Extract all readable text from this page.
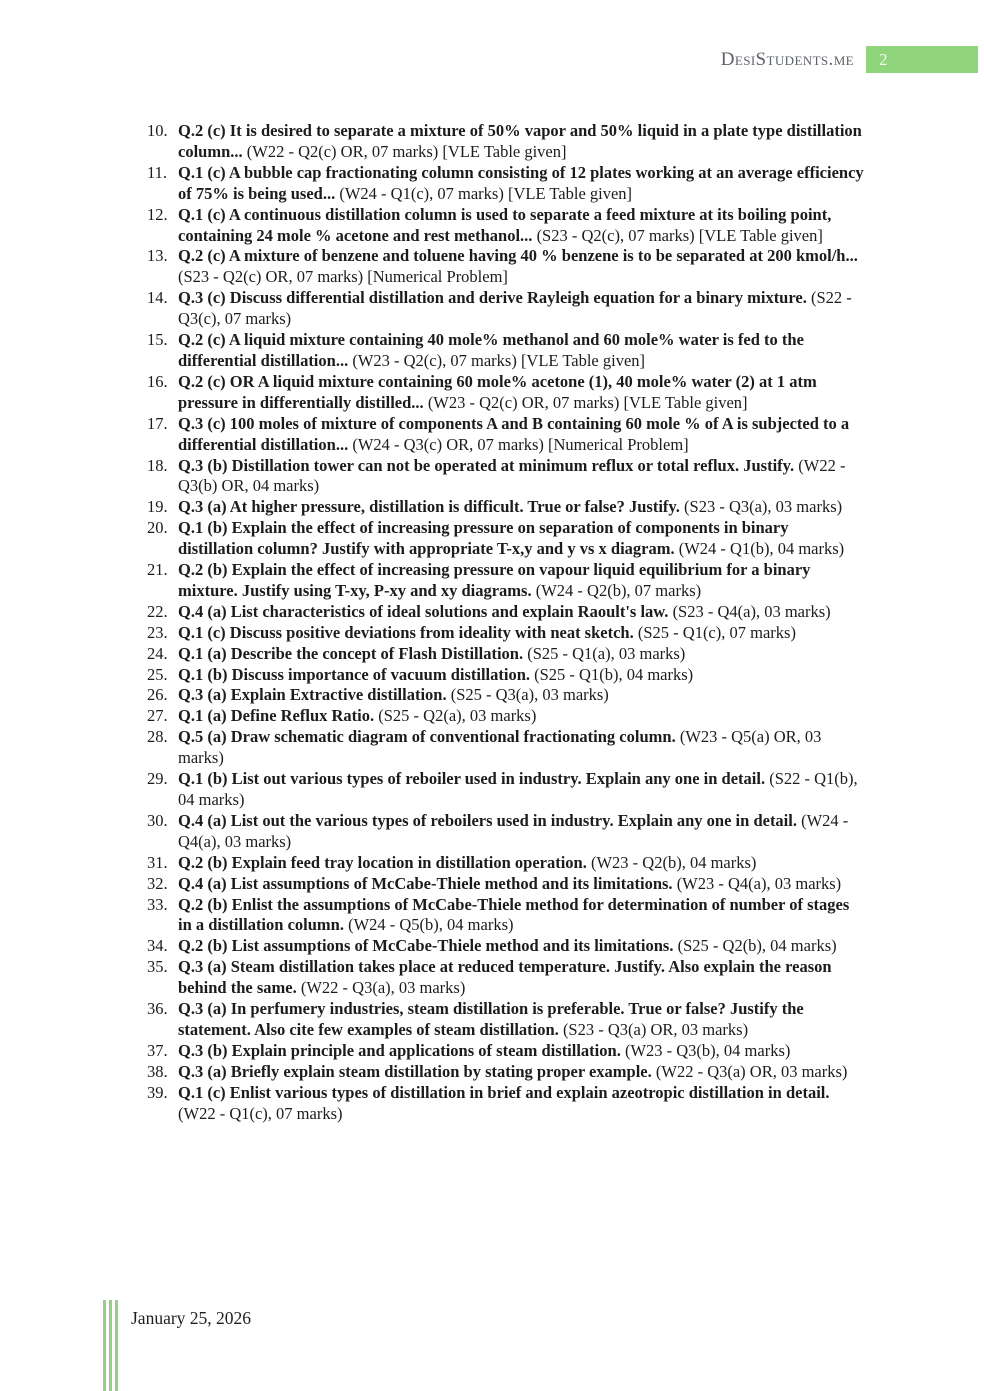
DesiStudents.me	2
10. Q.2 (c) It is desired to separate a mixture of 50% vapor and 50% liquid in a plate type distillation column... (W22 - Q2(c) OR, 07 marks) [VLE Table given]
11. Q.1 (c) A bubble cap fractionating column consisting of 12 plates working at an average efficiency of 75% is being used... (W24 - Q1(c), 07 marks) [VLE Table given]
12. Q.1 (c) A continuous distillation column is used to separate a feed mixture at its boiling point, containing 24 mole % acetone and rest methanol... (S23 - Q2(c), 07 marks) [VLE Table given]
13. Q.2 (c) A mixture of benzene and toluene having 40 % benzene is to be separated at 200 kmol/h... (S23 - Q2(c) OR, 07 marks) [Numerical Problem]
14. Q.3 (c) Discuss differential distillation and derive Rayleigh equation for a binary mixture. (S22 - Q3(c), 07 marks)
15. Q.2 (c) A liquid mixture containing 40 mole% methanol and 60 mole% water is fed to the differential distillation... (W23 - Q2(c), 07 marks) [VLE Table given]
16. Q.2 (c) OR A liquid mixture containing 60 mole% acetone (1), 40 mole% water (2) at 1 atm pressure in differentially distilled... (W23 - Q2(c) OR, 07 marks) [VLE Table given]
17. Q.3 (c) 100 moles of mixture of components A and B containing 60 mole % of A is subjected to a differential distillation... (W24 - Q3(c) OR, 07 marks) [Numerical Problem]
18. Q.3 (b) Distillation tower can not be operated at minimum reflux or total reflux. Justify. (W22 - Q3(b) OR, 04 marks)
19. Q.3 (a) At higher pressure, distillation is difficult. True or false? Justify. (S23 - Q3(a), 03 marks)
20. Q.1 (b) Explain the effect of increasing pressure on separation of components in binary distillation column? Justify with appropriate T-x,y and y vs x diagram. (W24 - Q1(b), 04 marks)
21. Q.2 (b) Explain the effect of increasing pressure on vapour liquid equilibrium for a binary mixture. Justify using T-xy, P-xy and xy diagrams. (W24 - Q2(b), 07 marks)
22. Q.4 (a) List characteristics of ideal solutions and explain Raoult's law. (S23 - Q4(a), 03 marks)
23. Q.1 (c) Discuss positive deviations from ideality with neat sketch. (S25 - Q1(c), 07 marks)
24. Q.1 (a) Describe the concept of Flash Distillation. (S25 - Q1(a), 03 marks)
25. Q.1 (b) Discuss importance of vacuum distillation. (S25 - Q1(b), 04 marks)
26. Q.3 (a) Explain Extractive distillation. (S25 - Q3(a), 03 marks)
27. Q.1 (a) Define Reflux Ratio. (S25 - Q2(a), 03 marks)
28. Q.5 (a) Draw schematic diagram of conventional fractionating column. (W23 - Q5(a) OR, 03 marks)
29. Q.1 (b) List out various types of reboiler used in industry. Explain any one in detail. (S22 - Q1(b), 04 marks)
30. Q.4 (a) List out the various types of reboilers used in industry. Explain any one in detail. (W24 - Q4(a), 03 marks)
31. Q.2 (b) Explain feed tray location in distillation operation. (W23 - Q2(b), 04 marks)
32. Q.4 (a) List assumptions of McCabe-Thiele method and its limitations. (W23 - Q4(a), 03 marks)
33. Q.2 (b) Enlist the assumptions of McCabe-Thiele method for determination of number of stages in a distillation column. (W24 - Q5(b), 04 marks)
34. Q.2 (b) List assumptions of McCabe-Thiele method and its limitations. (S25 - Q2(b), 04 marks)
35. Q.3 (a) Steam distillation takes place at reduced temperature. Justify. Also explain the reason behind the same. (W22 - Q3(a), 03 marks)
36. Q.3 (a) In perfumery industries, steam distillation is preferable. True or false? Justify the statement. Also cite few examples of steam distillation. (S23 - Q3(a) OR, 03 marks)
37. Q.3 (b) Explain principle and applications of steam distillation. (W23 - Q3(b), 04 marks)
38. Q.3 (a) Briefly explain steam distillation by stating proper example. (W22 - Q3(a) OR, 03 marks)
39. Q.1 (c) Enlist various types of distillation in brief and explain azeotropic distillation in detail. (W22 - Q1(c), 07 marks)
January 25, 2026
